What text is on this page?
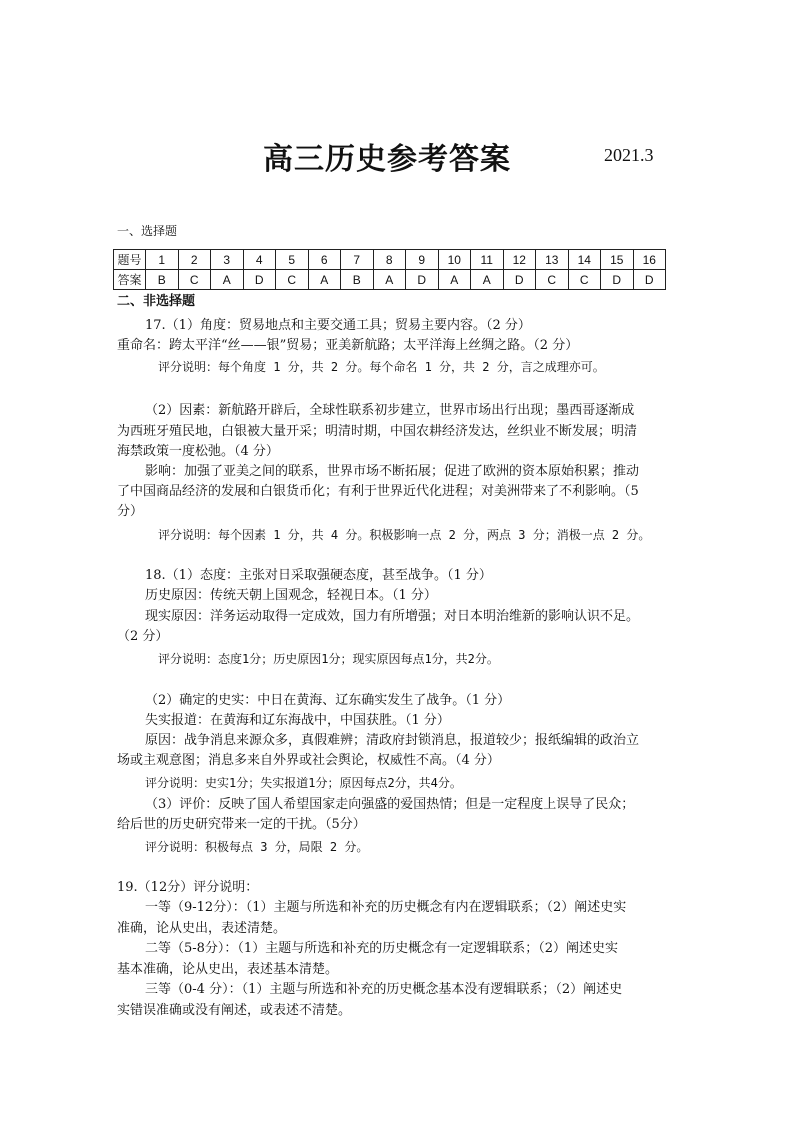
高三历史参考答案	2021.3
一、选择题
题号	1	2	3	4	5	6	7	8	9	10	11	12	13	14	15	16
答案	B	C	A	D	C	A	B	A	D	A	A	D	C	C	D	D
二、非选择题
17.（1）角度：贸易地点和主要交通工具；贸易主要内容。（2 分）
重命名：跨太平洋“丝——银”贸易；亚美新航路；太平洋海上丝绸之路。（2 分）
评分说明：每个角度 1 分，共 2 分。每个命名 1 分，共 2 分，言之成理亦可。
（2）因素：新航路开辟后，全球性联系初步建立，世界市场出行出现；墨西哥逐渐成
为西班牙殖民地，白银被大量开采；明清时期，中国农耕经济发达，丝织业不断发展；明清
海禁政策一度松弛。（4 分）
影响：加强了亚美之间的联系，世界市场不断拓展；促进了欧洲的资本原始积累；推动
了中国商品经济的发展和白银货币化；有利于世界近代化进程；对美洲带来了不利影响。（5
分）
评分说明：每个因素 1 分，共 4 分。积极影响一点 2 分，两点 3 分；消极一点 2 分。
18.（1）态度：主张对日采取强硬态度，甚至战争。（1 分）
历史原因：传统天朝上国观念，轻视日本。（1 分）
现实原因：洋务运动取得一定成效，国力有所增强；对日本明治维新的影响认识不足。
（2 分）
评分说明：态度1分；历史原因1分；现实原因每点1分，共2分。
（2）确定的史实：中日在黄海、辽东确实发生了战争。（1 分）
失实报道：在黄海和辽东海战中，中国获胜。（1 分）
原因：战争消息来源众多，真假难辨；清政府封锁消息，报道较少；报纸编辑的政治立
场或主观意图；消息多来自外界或社会舆论，权威性不高。（4 分）
评分说明：史实1分；失实报道1分；原因每点2分，共4分。
（3）评价：反映了国人希望国家走向强盛的爱国热情；但是一定程度上误导了民众；
给后世的历史研究带来一定的干扰。（5分）
评分说明：积极每点 3 分，局限 2 分。
19.（12分）评分说明：
一等（9-12分）：（1）主题与所选和补充的历史概念有内在逻辑联系；（2）阐述史实
准确，论从史出，表述清楚。
二等（5-8分）：（1）主题与所选和补充的历史概念有一定逻辑联系；（2）阐述史实
基本准确，论从史出，表述基本清楚。
三等（0-4 分）：（1）主题与所选和补充的历史概念基本没有逻辑联系；（2）阐述史
实错误准确或没有阐述，或表述不清楚。
